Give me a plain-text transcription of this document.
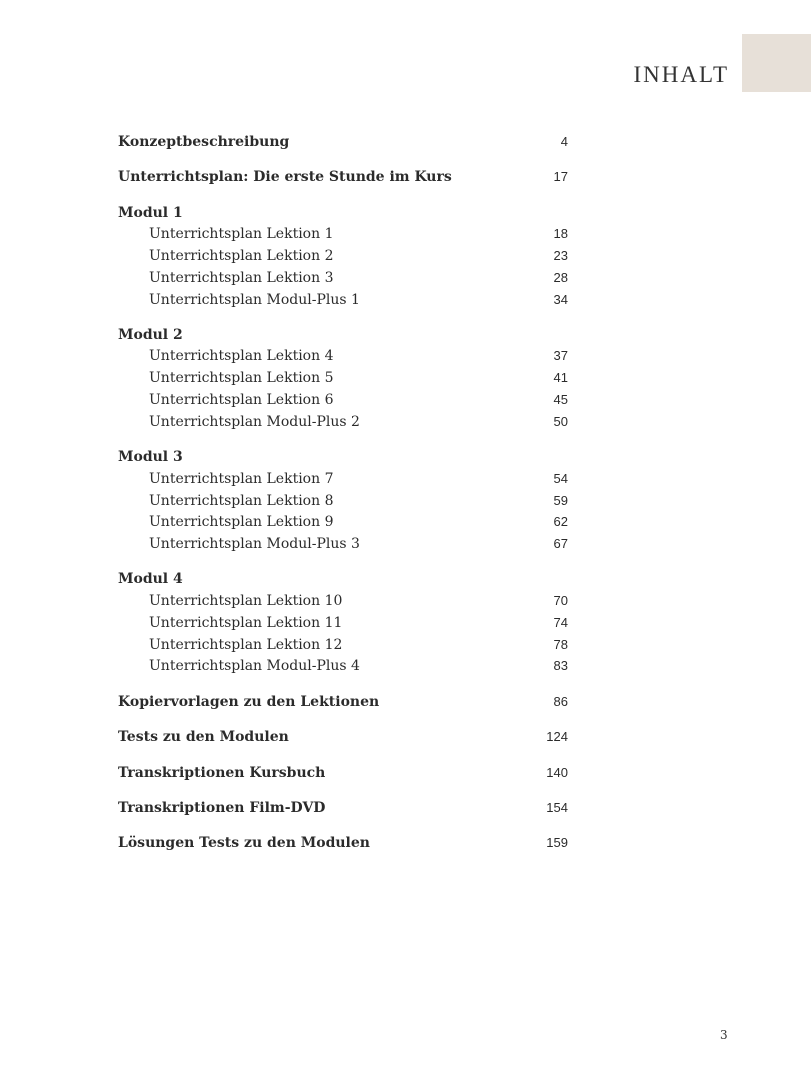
INHALT
Konzeptbeschreibung	4
Unterrichtsplan: Die erste Stunde im Kurs	17
Modul 1
Unterrichtsplan Lektion 1	18
Unterrichtsplan Lektion 2	23
Unterrichtsplan Lektion 3	28
Unterrichtsplan Modul-Plus 1	34
Modul 2
Unterrichtsplan Lektion 4	37
Unterrichtsplan Lektion 5	41
Unterrichtsplan Lektion 6	45
Unterrichtsplan Modul-Plus 2	50
Modul 3
Unterrichtsplan Lektion 7	54
Unterrichtsplan Lektion 8	59
Unterrichtsplan Lektion 9	62
Unterrichtsplan Modul-Plus 3	67
Modul 4
Unterrichtsplan Lektion 10	70
Unterrichtsplan Lektion 11	74
Unterrichtsplan Lektion 12	78
Unterrichtsplan Modul-Plus 4	83
Kopiervorlagen zu den Lektionen	86
Tests zu den Modulen	124
Transkriptionen Kursbuch	140
Transkriptionen Film-DVD	154
Lösungen Tests zu den Modulen	159
3
